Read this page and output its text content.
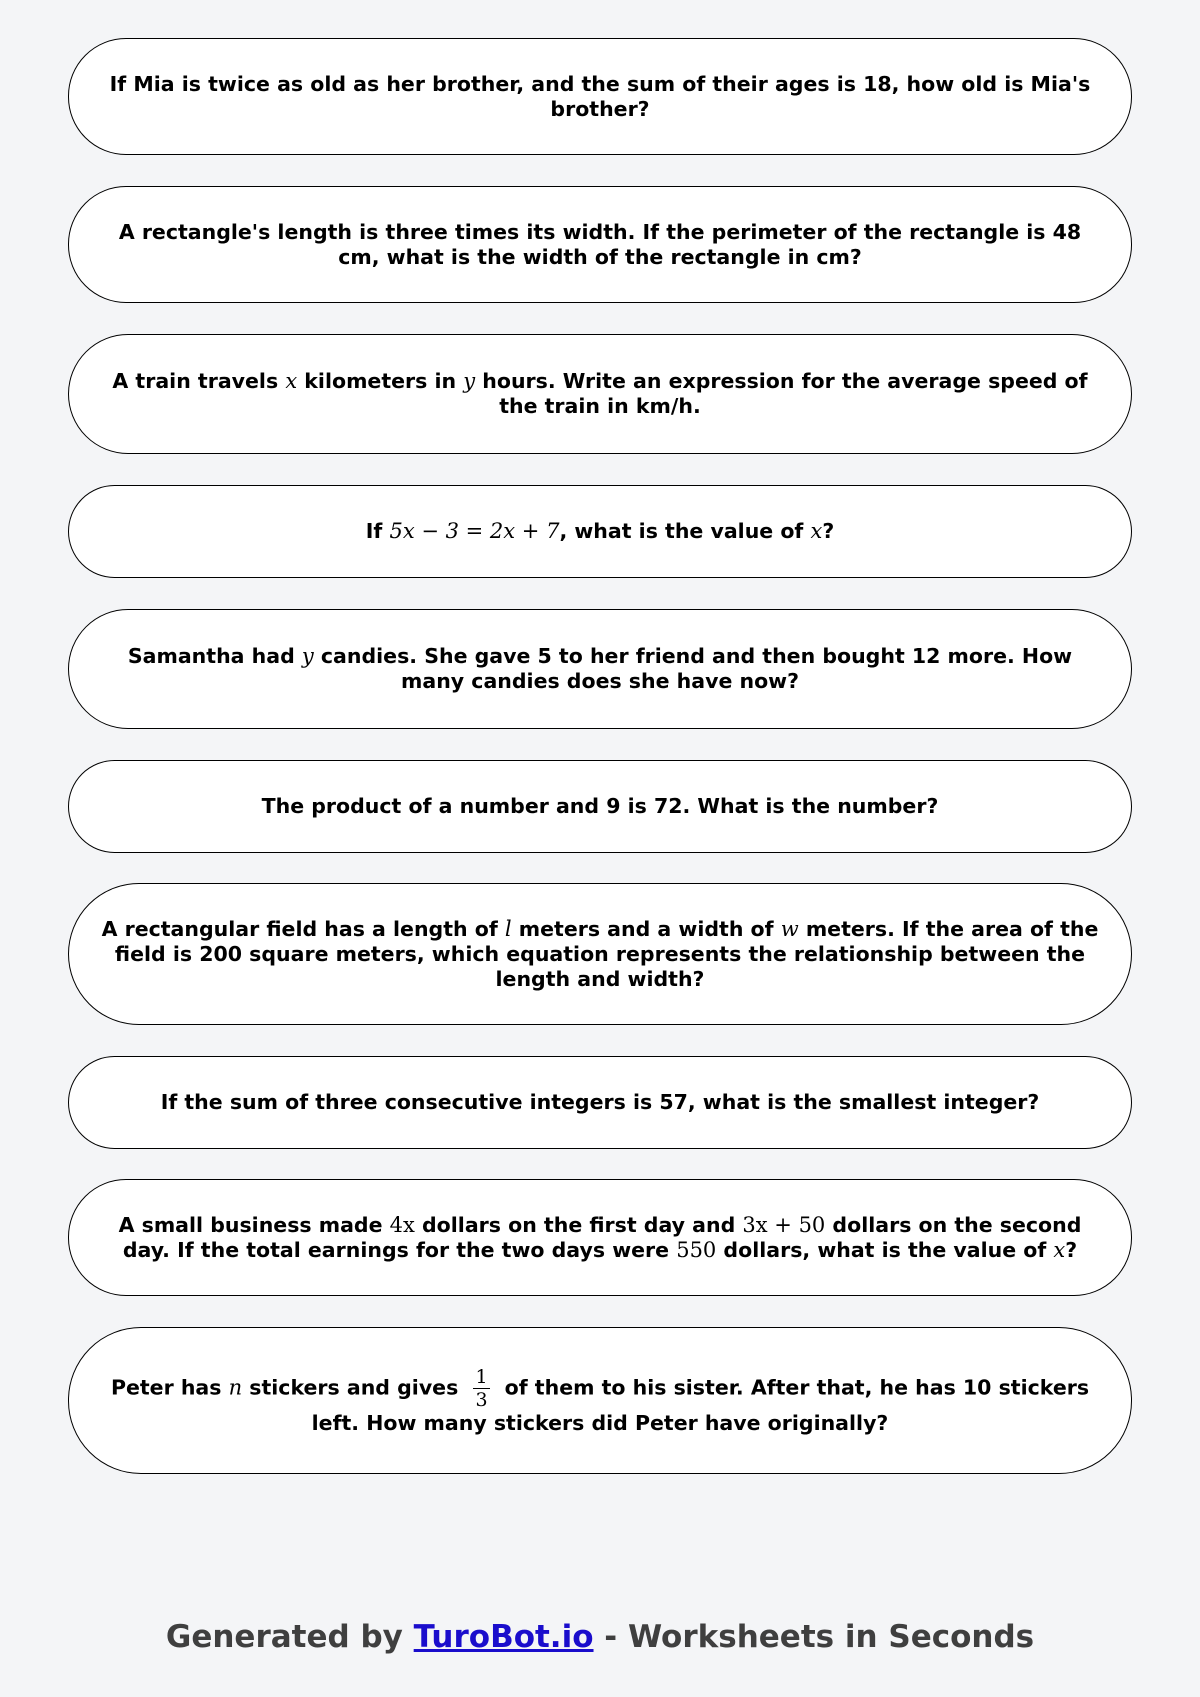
If Mia is twice as old as her brother, and the sum of their ages is 18, how old is Mia's
brother?
A rectangle's length is three times its width. If the perimeter of the rectangle is 48
cm, what is the width of the rectangle in cm?
A train travels x kilometers in y hours. Write an expression for the average speed of
the train in km/h.
If 5x − 3 = 2x + 7, what is the value of x?
Samantha had y candies. She gave 5 to her friend and then bought 12 more. How
many candies does she have now?
The product of a number and 9 is 72. What is the number?
A rectangular field has a length of l meters and a width of w meters. If the area of the
field is 200 square meters, which equation represents the relationship between the
length and width?
If the sum of three consecutive integers is 57, what is the smallest integer?
A small business made 4x dollars on the first day and 3x + 50 dollars on the second
day. If the total earnings for the two days were 550 dollars, what is the value of x?
Peter has n stickers and gives $\frac{1}{3}$ of them to his sister. After that, he has 10 stickers
left. How many stickers did Peter have originally?
Generated by TuroBot.io - Worksheets in Seconds
